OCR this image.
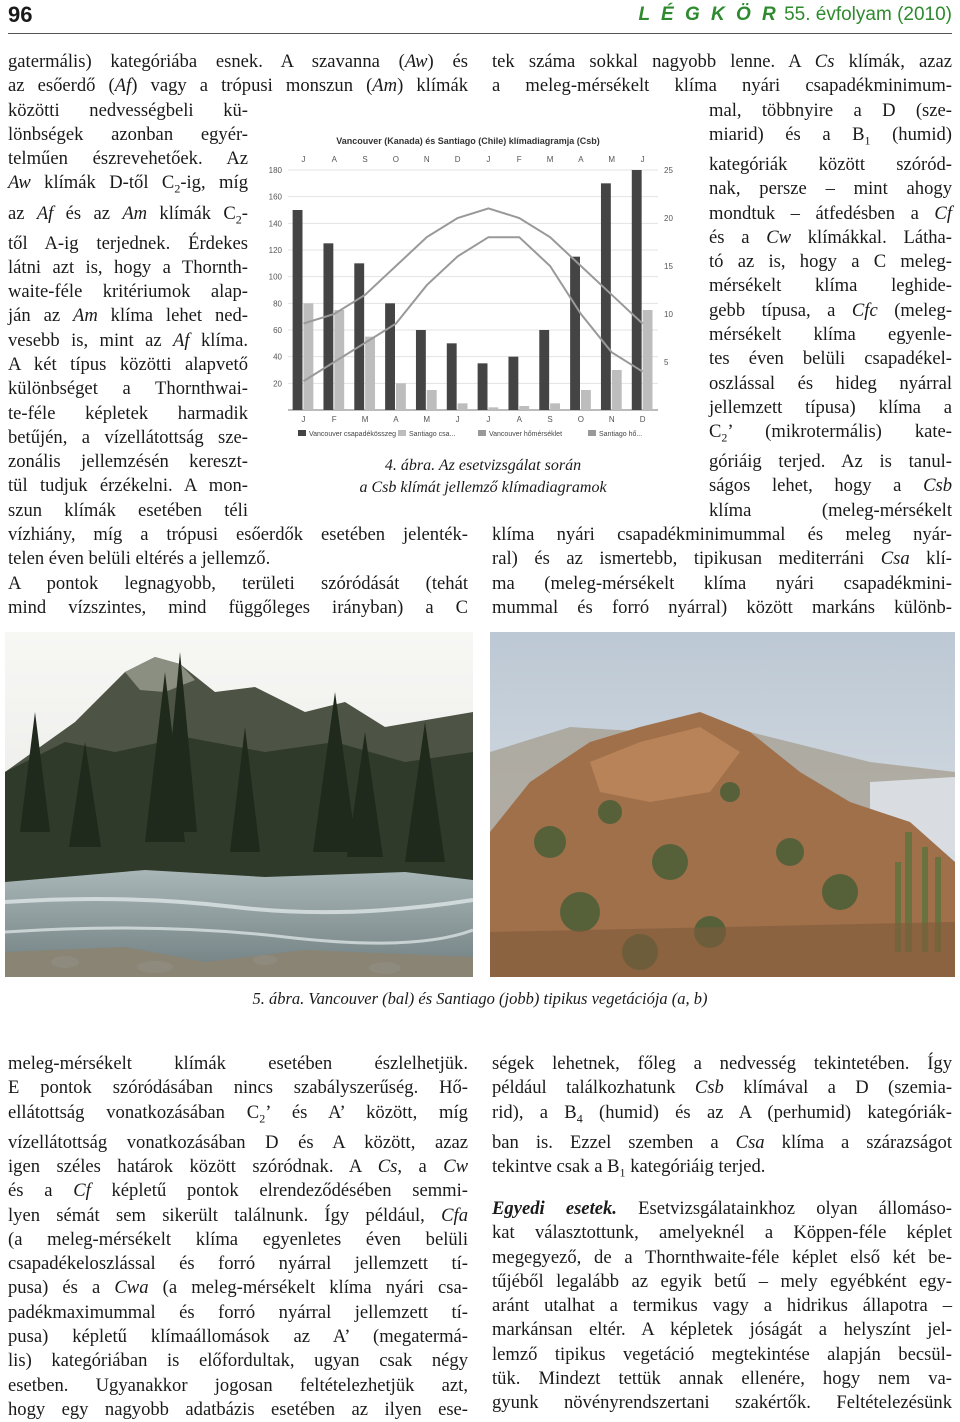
96	L É G K Ö R 55. évfolyam (2010)
gatermális) kategóriába esnek. A szavanna (Aw) és
az esőerdő (Af) vagy a trópusi monszun (Am) klímák
közötti nedvességbeli kü-
lönbségek azonban egyér-
telműen észrevehetőek. Az
Aw klímák D-től $C_2-ig$, míg
az Af és az Am klímák $C_2-$
től A-ig terjednek. Érdekes
látni azt is, hogy a Thornth-
waite-féle kritériumok alap-
ján az Am klíma lehet ned-
vesebb is, mint az Af klíma.
A két típus közötti alapvető
különbséget a Thornthwai-
te-féle képletek harmadik
betűjén, a vízellátottság sze-
zonális jellemzésén kereszt-
tül tudjuk érzékelni. A mon-
szun klímák esetében téli
vízhiány, míg a trópusi esőerdők esetében jelenték-
telen éven belüli eltérés a jellemző.
A pontok legnagyobb, területi szóródását (tehát
mind vízszintes, mind függőleges irányban) a C
tek száma sokkal nagyobb lenne. A Cs klímák, azaz
a meleg-mérsékelt klíma nyári csapadékminimum-
mal, többnyire a D (sze-
miarid) és a $B_1$ (humid)
kategóriák között szóród-
nak, persze – mint ahogy
mondtuk – átfedésben a Cf
és a Cw klímákkal. Látha-
tó az is, hogy a C meleg-
mérsékelt klíma leghide-
gebb típusa, a Cfc (meleg-
mérsékelt klíma egyenle-
tes éven belüli csapadékel-
oszlással és hideg nyárral
jellemzett típusa) klíma a
$C_2$’ (mikrotermális) kate-
góriáig terjed. Az is tanul-
ságos lehet, hogy a Csb
klíma (meleg-mérsékelt
klíma nyári csapadékminimummal és meleg nyár-
ral) és az ismertebb, tipikusan mediterráni Csa klí-
ma (meleg-mérsékelt klíma nyári csapadékmini-
mummal és forró nyárral) között markáns különb-
Vancouver (Kanada) és Santiago (Chile) klímadiagramja (Csb)
J	A	S	O	N	D	J	F	M	A	M	J
180
160
140
120
100
80
60
40
20
25
20
15
10
5
J	F	M	A	M	J	J	A	S	O	N	D
Vancouver csapadékösszeg Santiago csa...	Vancouver hőmérséklet	Santiago hő...
4. ábra. Az esetvizsgálat során
a Csb klímát jellemző klímadiagramok
5. ábra. Vancouver (bal) és Santiago (jobb) tipikus vegetációja (a, b)
meleg-mérsékelt klímák esetében észlelhetjük.
E pontok szóródásában nincs szabályszerűség. Hő-
ellátottság vonatkozásában $C_2$’ és A’ között, míg
vízellátottság vonatkozásában D és A között, azaz
igen széles határok között szóródnak. A Cs, a Cw
és a Cf képletű pontok elrendeződésében semmi-
lyen sémát sem sikerült találnunk. Így például, Cfa
(a meleg-mérsékelt klíma egyenletes éven belüli
csapadékeloszlással és forró nyárral jellemzett tí-
pusa) és a Cwa (a meleg-mérsékelt klíma nyári csa-
padékmaximummal és forró nyárral jellemzett tí-
pusa) képletű klímaállomások az A’ (megatermá-
lis) kategóriában is előfordultak, ugyan csak négy
esetben. Ugyanakkor jogosan feltételezhetjük azt,
hogy egy nagyobb adatbázis esetében az ilyen ese-
ségek lehetnek, főleg a nedvesség tekintetében. Így
például találkozhatunk Csb klímával a D (szemia-
rid), a $B_4$ (humid) és az A (perhumid) kategóriák-
ban is. Ezzel szemben a Csa klíma a szárazságot
tekintve csak a $B_1$ kategóriáig terjed.
Egyedi esetek. Esetvizsgálatainkhoz olyan állomáso-
kat választottunk, amelyeknél a Köppen-féle képlet
megegyező, de a Thornthwaite-féle képlet első két be-
tűjéből legalább az egyik betű – mely egyébként egy-
aránt utalhat a termikus vagy a hidrikus állapotra –
markánsan eltér. A képletek jóságát a helyszínt jel-
lemző tipikus vegetáció megtekintése alapján becsül-
tük. Mindezt tettük annak ellenére, hogy nem va-
gyunk növényrendszertani szakértők. Feltételezésünk
